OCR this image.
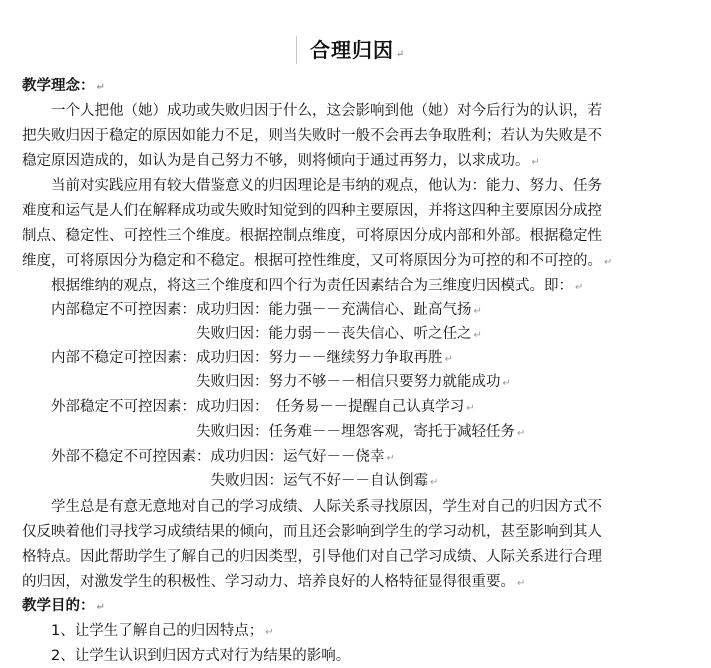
合理归因 ↵
教学理念： ↵
　　一个人把他（她）成功或失败归因于什么，这会影响到他（她）对今后行为的认识，若
把失败归因于稳定的原因如能力不足，则当失败时一般不会再去争取胜利；若认为失败是不
稳定原因造成的，如认为是自己努力不够，则将倾向于通过再努力，以求成功。 ↵
　　当前对实践应用有较大借鉴意义的归因理论是韦纳的观点，他认为：能力、努力、任务
难度和运气是人们在解释成功或失败时知觉到的四种主要原因，并将这四种主要原因分成控
制点、稳定性、可控性三个维度。根据控制点维度，可将原因分成内部和外部。根据稳定性
维度，可将原因分为稳定和不稳定。根据可控性维度，又可将原因分为可控的和不可控的。 ↵
　　根据维纳的观点，将这三个维度和四个行为责任因素结合为三维度归因模式。即： ↵
　　内部稳定不可控因素：成功归因：能力强－－充满信心、趾高气扬 ↵
　　　　　　　　　　　　失败归因：能力弱－－丧失信心、听之任之 ↵
　　内部不稳定可控因素：成功归因：努力－－继续努力争取再胜 ↵
　　　　　　　　　　　　失败归因：努力不够－－相信只要努力就能成功 ↵
　　外部稳定不可控因素：成功归因：　任务易－－提醒自己认真学习 ↵
　　　　　　　　　　　　失败归因：任务难－－埋怨客观，寄托于减轻任务 ↵
　　外部不稳定不可控因素：成功归因：运气好－－侥幸 ↵
　　　　　　　　　　　　　失败归因：运气不好－－自认倒霉 ↵
　　学生总是有意无意地对自己的学习成绩、人际关系寻找原因，学生对自己的归因方式不
仅反映着他们寻找学习成绩结果的倾向，而且还会影响到学生的学习动机，甚至影响到其人
格特点。因此帮助学生了解自己的归因类型，引导他们对自己学习成绩、人际关系进行合理
的归因，对激发学生的积极性、学习动力、培养良好的人格特征显得很重要。 ↵
教学目的： ↵
　　1、让学生了解自己的归因特点； ↵
　　2、让学生认识到归因方式对行为结果的影响。
